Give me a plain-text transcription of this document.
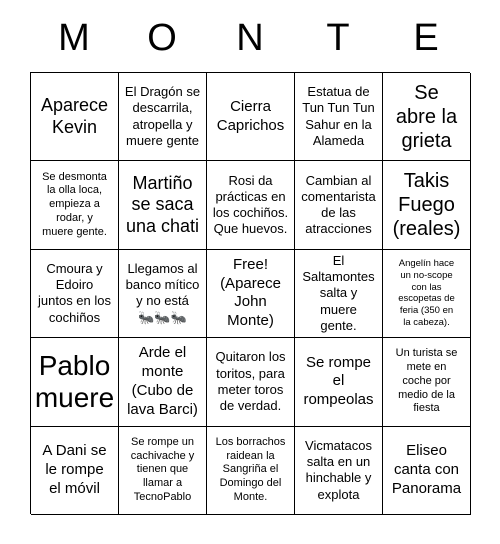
M	O	N	T	E
Aparece
Kevin
El Dragón se
descarrila,
atropella y
muere gente
Cierra
Caprichos
Estatua de
Tun Tun Tun
Sahur en la
Alameda
Se
abre la
grieta
Se desmonta
la olla loca,
empieza a
rodar, y
muere gente.
Martiño
se saca
una chati
Rosi da
prácticas en
los cochiños.
Que huevos.
Cambian al
comentarista
de las
atracciones
Takis
Fuego
(reales)
Cmoura y
Edoiro
juntos en los
cochiños
Llegamos al
banco mítico
y no está
🐜🐜🐜
Free!
(Aparece
John
Monte)
El
Saltamontes
salta y
muere
gente.
Angelín hace
un no-scope
con las
escopetas de
feria (350 en
la cabeza).
Pablo
muere
Arde el
monte
(Cubo de
lava Barci)
Quitaron los
toritos, para
meter toros
de verdad.
Se rompe
el
rompeolas
Un turista se
mete en
coche por
medio de la
fiesta
A Dani se
le rompe
el móvil
Se rompe un
cachivache y
tienen que
llamar a
TecnoPablo
Los borrachos
raidean la
Sangriña el
Domingo del
Monte.
Vicmatacos
salta en un
hinchable y
explota
Eliseo
canta con
Panorama
